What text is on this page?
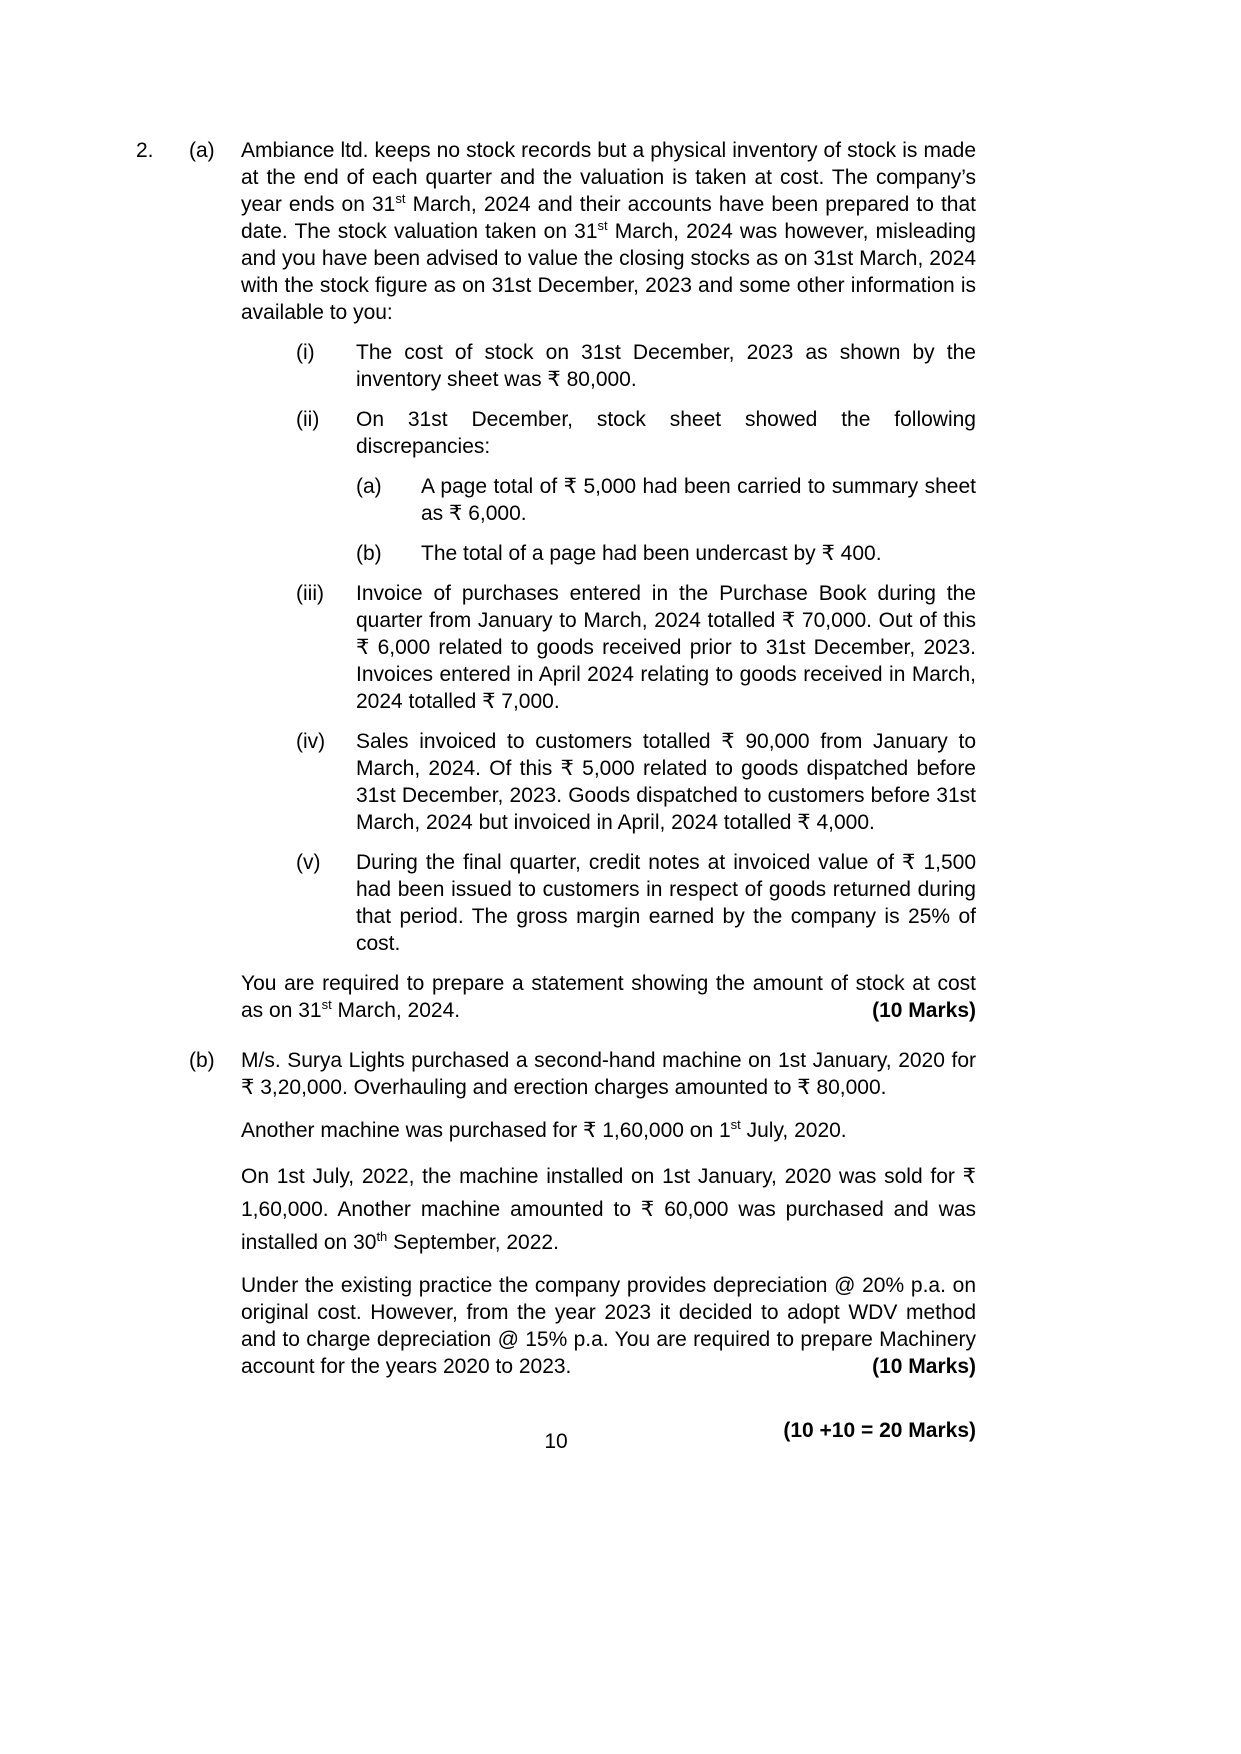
2.	(a)	Ambiance ltd. keeps no stock records but a physical inventory of stock is made at the end of each quarter and the valuation is taken at cost. The company’s year ends on 31st March, 2024 and their accounts have been prepared to that date. The stock valuation taken on 31st March, 2024 was however, misleading and you have been advised to value the closing stocks as on 31st March, 2024 with the stock figure as on 31st December, 2023 and some other information is available to you:

(i)	The cost of stock on 31st December, 2023 as shown by the inventory sheet was ₹ 80,000.
(ii)	On 31st December, stock sheet showed the following discrepancies:
(a)	A page total of ₹ 5,000 had been carried to summary sheet as ₹ 6,000.
(b)	The total of a page had been undercast by ₹ 400.
(iii)	Invoice of purchases entered in the Purchase Book during the quarter from January to March, 2024 totalled ₹ 70,000. Out of this ₹ 6,000 related to goods received prior to 31st December, 2023. Invoices entered in April 2024 relating to goods received in March, 2024 totalled ₹ 7,000.
(iv)	Sales invoiced to customers totalled ₹ 90,000 from January to March, 2024. Of this ₹ 5,000 related to goods dispatched before 31st December, 2023. Goods dispatched to customers before 31st March, 2024 but invoiced in April, 2024 totalled ₹ 4,000.
(v)	During the final quarter, credit notes at invoiced value of ₹ 1,500 had been issued to customers in respect of goods returned during that period. The gross margin earned by the company is 25% of cost.

You are required to prepare a statement showing the amount of stock at cost as on 31st March, 2024.	(10 Marks)

(b)	M/s. Surya Lights purchased a second-hand machine on 1st January, 2020 for ₹ 3,20,000. Overhauling and erection charges amounted to ₹ 80,000.

Another machine was purchased for ₹ 1,60,000 on 1st July, 2020.

On 1st July, 2022, the machine installed on 1st January, 2020 was sold for ₹ 1,60,000. Another machine amounted to ₹ 60,000 was purchased and was installed on 30th September, 2022.

Under the existing practice the company provides depreciation @ 20% p.a. on original cost. However, from the year 2023 it decided to adopt WDV method and to charge depreciation @ 15% p.a. You are required to prepare Machinery account for the years 2020 to 2023.	(10 Marks)

(10 +10 = 20 Marks)
10
